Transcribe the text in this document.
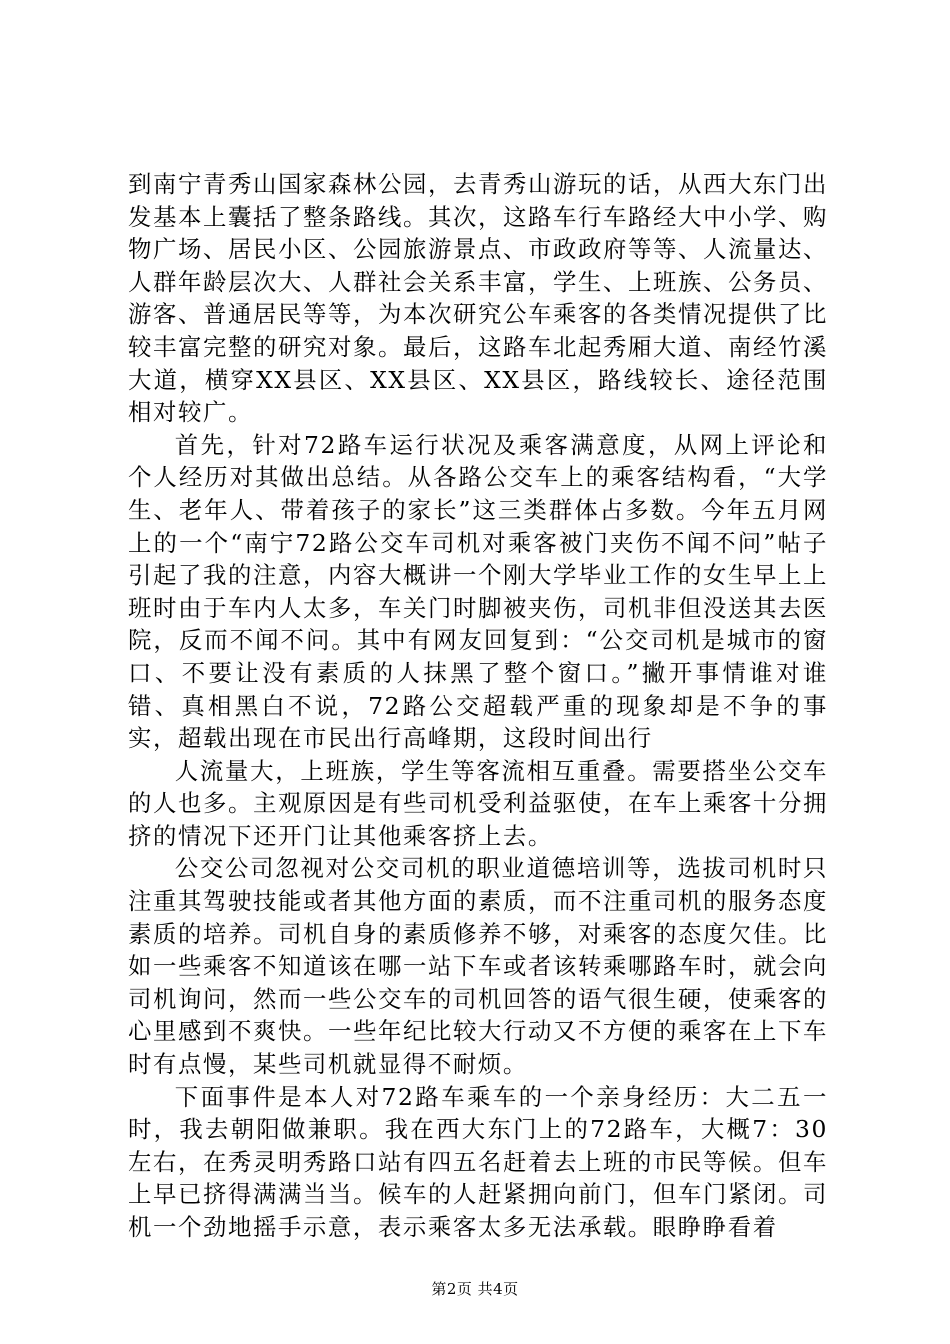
到南宁青秀山国家森林公园，去青秀山游玩的话，从西大东门出发基本上囊括了整条路线。其次，这路车行车路经大中小学、购物广场、居民小区、公园旅游景点、市政政府等等、人流量达、人群年龄层次大、人群社会关系丰富，学生、上班族、公务员、游客、普通居民等等，为本次研究公车乘客的各类情况提供了比较丰富完整的研究对象。最后，这路车北起秀厢大道、南经竹溪大道，横穿XX县区、XX县区、XX县区，路线较长、途径范围相对较广。

首先，针对72路车运行状况及乘客满意度，从网上评论和个人经历对其做出总结。从各路公交车上的乘客结构看，“大学生、老年人、带着孩子的家长”这三类群体占多数。今年五月网上的一个“南宁72路公交车司机对乘客被门夹伤不闻不问”帖子引起了我的注意，内容大概讲一个刚大学毕业工作的女生早上上班时由于车内人太多，车关门时脚被夹伤，司机非但没送其去医院，反而不闻不问。其中有网友回复到：“公交司机是城市的窗口、不要让没有素质的人抹黑了整个窗口。”撇开事情谁对谁错、真相黑白不说，72路公交超载严重的现象却是不争的事实，超载出现在市民出行高峰期，这段时间出行

人流量大，上班族，学生等客流相互重叠。需要搭坐公交车的人也多。主观原因是有些司机受利益驱使，在车上乘客十分拥挤的情况下还开门让其他乘客挤上去。

公交公司忽视对公交司机的职业道德培训等，选拔司机时只注重其驾驶技能或者其他方面的素质，而不注重司机的服务态度素质的培养。司机自身的素质修养不够，对乘客的态度欠佳。比如一些乘客不知道该在哪一站下车或者该转乘哪路车时，就会向司机询问，然而一些公交车的司机回答的语气很生硬，使乘客的心里感到不爽快。一些年纪比较大行动又不方便的乘客在上下车时有点慢，某些司机就显得不耐烦。

下面事件是本人对72路车乘车的一个亲身经历：大二五一时，我去朝阳做兼职。我在西大东门上的72路车，大概7：30左右，在秀灵明秀路口站有四五名赶着去上班的市民等候。但车上早已挤得满满当当。候车的人赶紧拥向前门，但车门紧闭。司机一个劲地摇手示意，表示乘客太多无法承载。眼睁睁看着

第2页 共4页
